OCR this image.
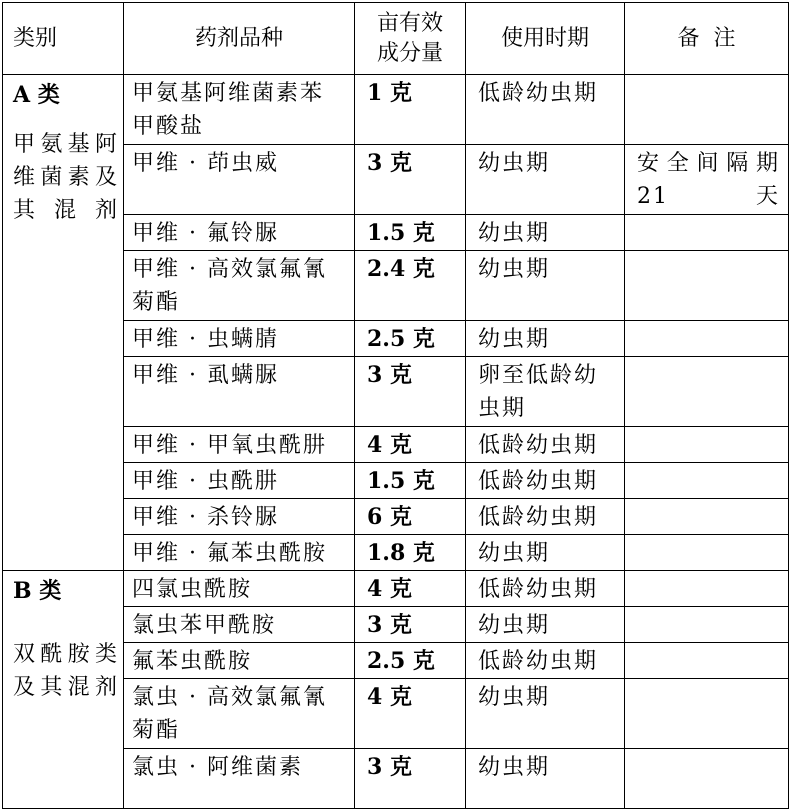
类别	药剂品种	亩有效成分量	使用时期	备  注

A 类
甲氨基阿维菌素及其混剂	甲氨基阿维菌素苯甲酸盐	1 克	低龄幼虫期	

	甲维 · 茚虫威	3 克	幼虫期	安全间隔期 21 天

	甲维 · 氟铃脲	1.5 克	幼虫期	

	甲维 · 高效氯氟氰菊酯	2.4 克	幼虫期	

	甲维 · 虫螨腈	2.5 克	幼虫期	

	甲维 · 虱螨脲	3 克	卵至低龄幼虫期	

	甲维 · 甲氧虫酰肼	4 克	低龄幼虫期	

	甲维 · 虫酰肼	1.5 克	低龄幼虫期	

	甲维 · 杀铃脲	6 克	低龄幼虫期	

	甲维 · 氟苯虫酰胺	1.8 克	幼虫期	

B 类
双酰胺类及其混剂	四氯虫酰胺	4 克	低龄幼虫期	

	氯虫苯甲酰胺	3 克	幼虫期	

	氟苯虫酰胺	2.5 克	低龄幼虫期	

	氯虫 · 高效氯氟氰菊酯	4 克	幼虫期	

	氯虫 · 阿维菌素	3 克	幼虫期	
